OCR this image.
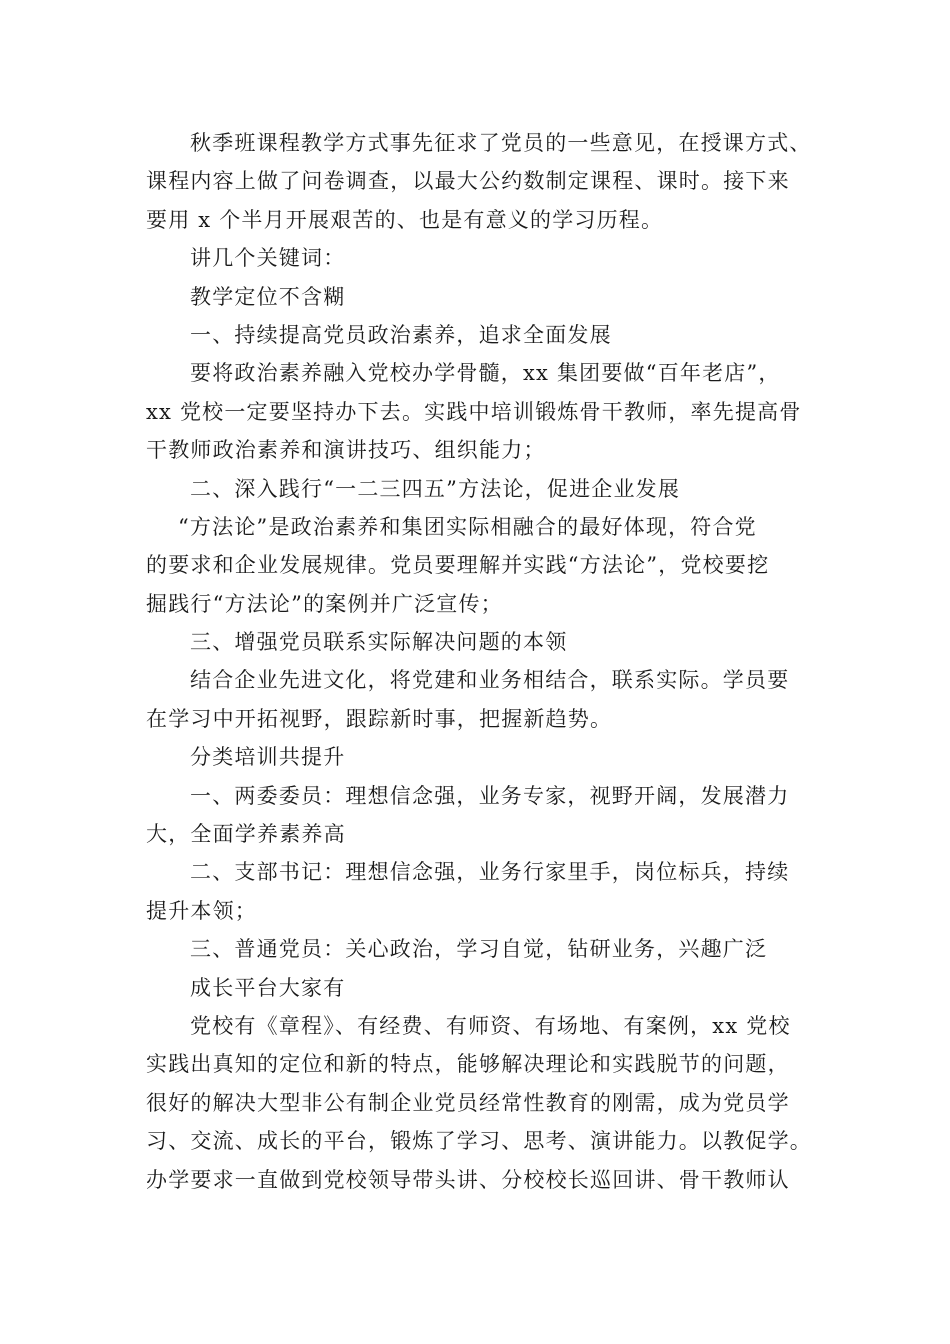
秋季班课程教学方式事先征求了党员的一些意见，在授课方式、
课程内容上做了问卷调查，以最大公约数制定课程、课时。接下来
要用 x 个半月开展艰苦的、也是有意义的学习历程。
讲几个关键词：
教学定位不含糊
一、持续提高党员政治素养，追求全面发展
要将政治素养融入党校办学骨髓，xx 集团要做“百年老店”，
xx 党校一定要坚持办下去。实践中培训锻炼骨干教师，率先提高骨
干教师政治素养和演讲技巧、组织能力；
二、深入践行“一二三四五”方法论，促进企业发展
“方法论”是政治素养和集团实际相融合的最好体现，符合党
的要求和企业发展规律。党员要理解并实践“方法论”，党校要挖
掘践行“方法论”的案例并广泛宣传；
三、增强党员联系实际解决问题的本领
结合企业先进文化，将党建和业务相结合，联系实际。学员要
在学习中开拓视野，跟踪新时事，把握新趋势。
分类培训共提升
一、两委委员：理想信念强，业务专家，视野开阔，发展潜力
大，全面学养素养高
二、支部书记：理想信念强，业务行家里手，岗位标兵，持续
提升本领；
三、普通党员：关心政治，学习自觉，钻研业务，兴趣广泛
成长平台大家有
党校有《章程》、有经费、有师资、有场地、有案例，xx 党校
实践出真知的定位和新的特点，能够解决理论和实践脱节的问题，
很好的解决大型非公有制企业党员经常性教育的刚需，成为党员学
习、交流、成长的平台，锻炼了学习、思考、演讲能力。以教促学。
办学要求一直做到党校领导带头讲、分校校长巡回讲、骨干教师认
